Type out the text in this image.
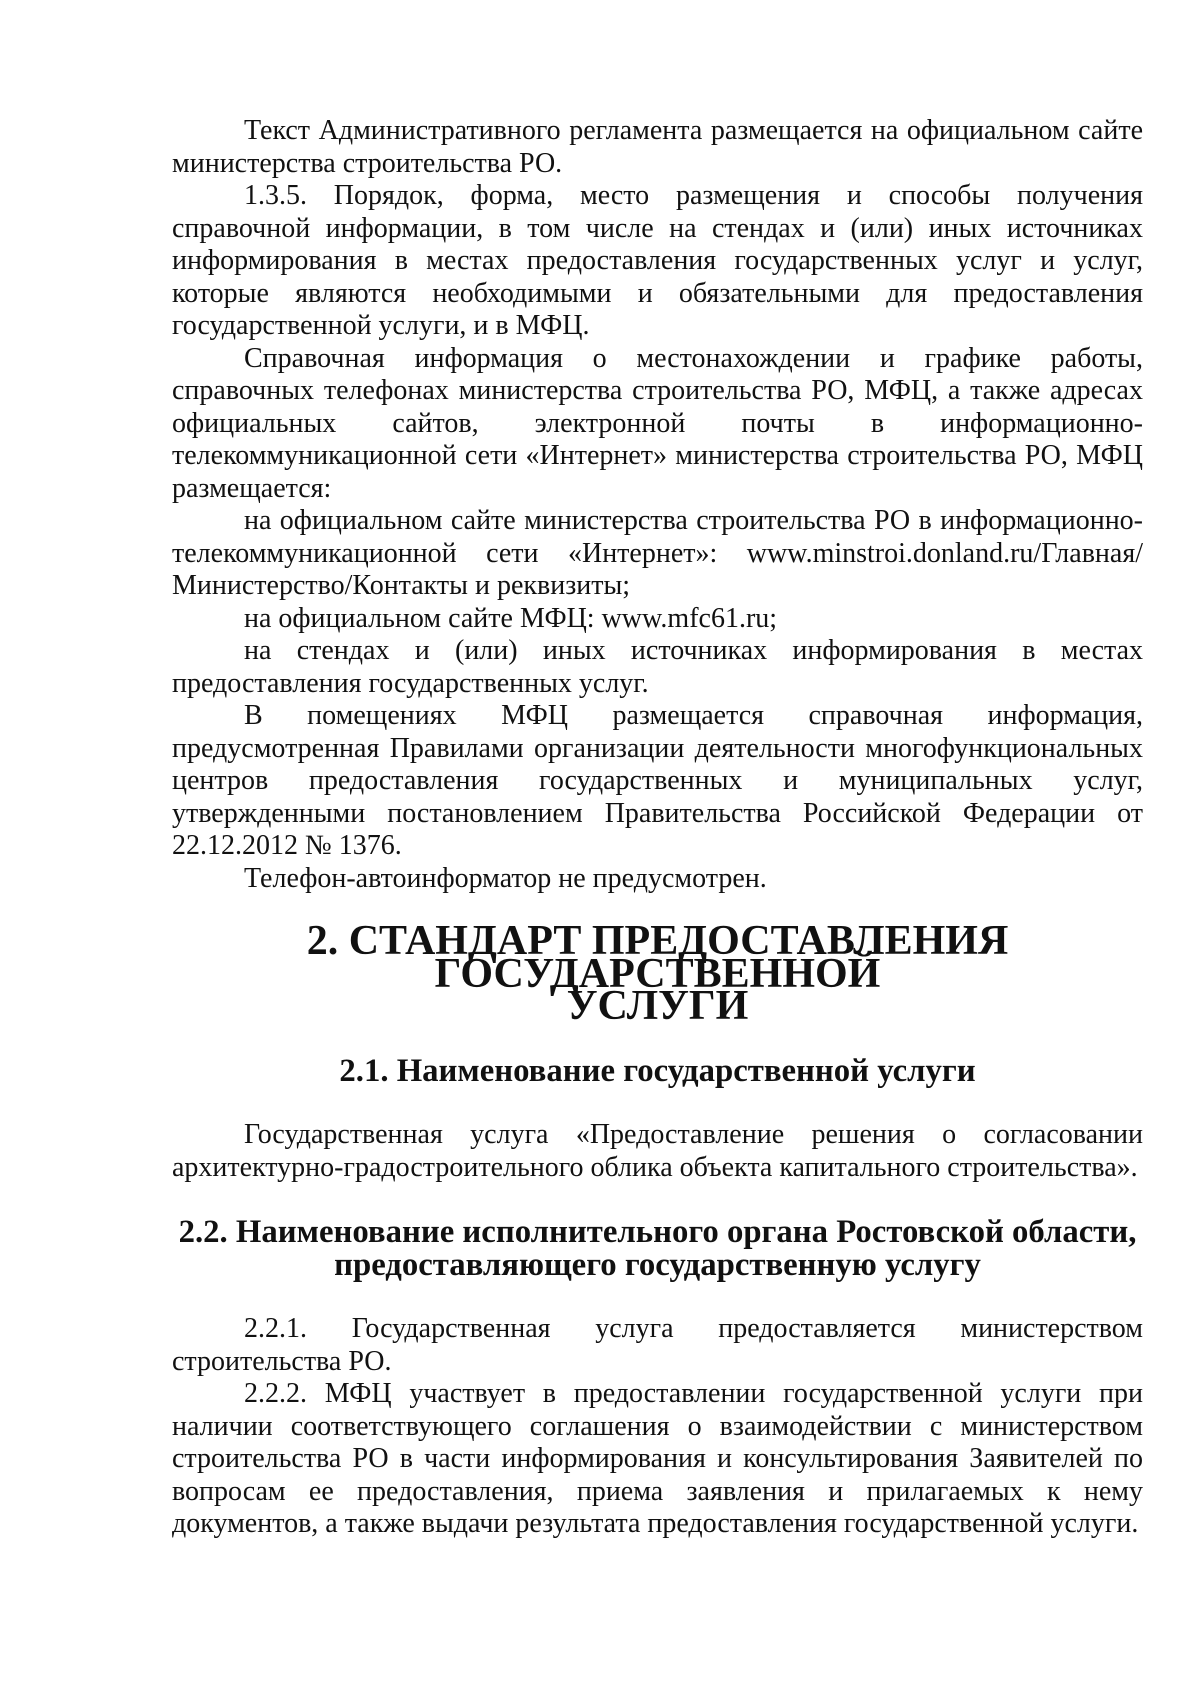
Текст Административного регламента размещается на официальном сайте министерства строительства РО.

1.3.5. Порядок, форма, место размещения и способы получения справочной информации, в том числе на стендах и (или) иных источниках информирования в местах предоставления государственных услуг и услуг, которые являются необходимыми и обязательными для предоставления государственной услуги, и в МФЦ.

Справочная информация о местонахождении и графике работы, справочных телефонах министерства строительства РО, МФЦ, а также адресах официальных сайтов, электронной почты в информационно-телекоммуникационной сети «Интернет» министерства строительства РО, МФЦ размещается:

на официальном сайте министерства строительства РО в информационно-телекоммуникационной сети «Интернет»: www.minstroi.donland.ru/Главная/Министерство/Контакты и реквизиты;

на официальном сайте МФЦ: www.mfc61.ru;

на стендах и (или) иных источниках информирования в местах предоставления государственных услуг.

В помещениях МФЦ размещается справочная информация, предусмотренная Правилами организации деятельности многофункциональных центров предоставления государственных и муниципальных услуг, утвержденными постановлением Правительства Российской Федерации от 22.12.2012 № 1376.

Телефон-автоинформатор не предусмотрен.

2. СТАНДАРТ ПРЕДОСТАВЛЕНИЯ ГОСУДАРСТВЕННОЙ
УСЛУГИ
2.1. Наименование государственной услуги

Государственная услуга «Предоставление решения о согласовании архитектурно-градостроительного облика объекта капитального строительства».

2.2. Наименование исполнительного органа Ростовской области,
предоставляющего государственную услугу

2.2.1. Государственная услуга предоставляется министерством строительства РО.

2.2.2. МФЦ участвует в предоставлении государственной услуги при наличии соответствующего соглашения о взаимодействии с министерством строительства РО в части информирования и консультирования Заявителей по вопросам ее предоставления, приема заявления и прилагаемых к нему документов, а также выдачи результата предоставления государственной услуги.
